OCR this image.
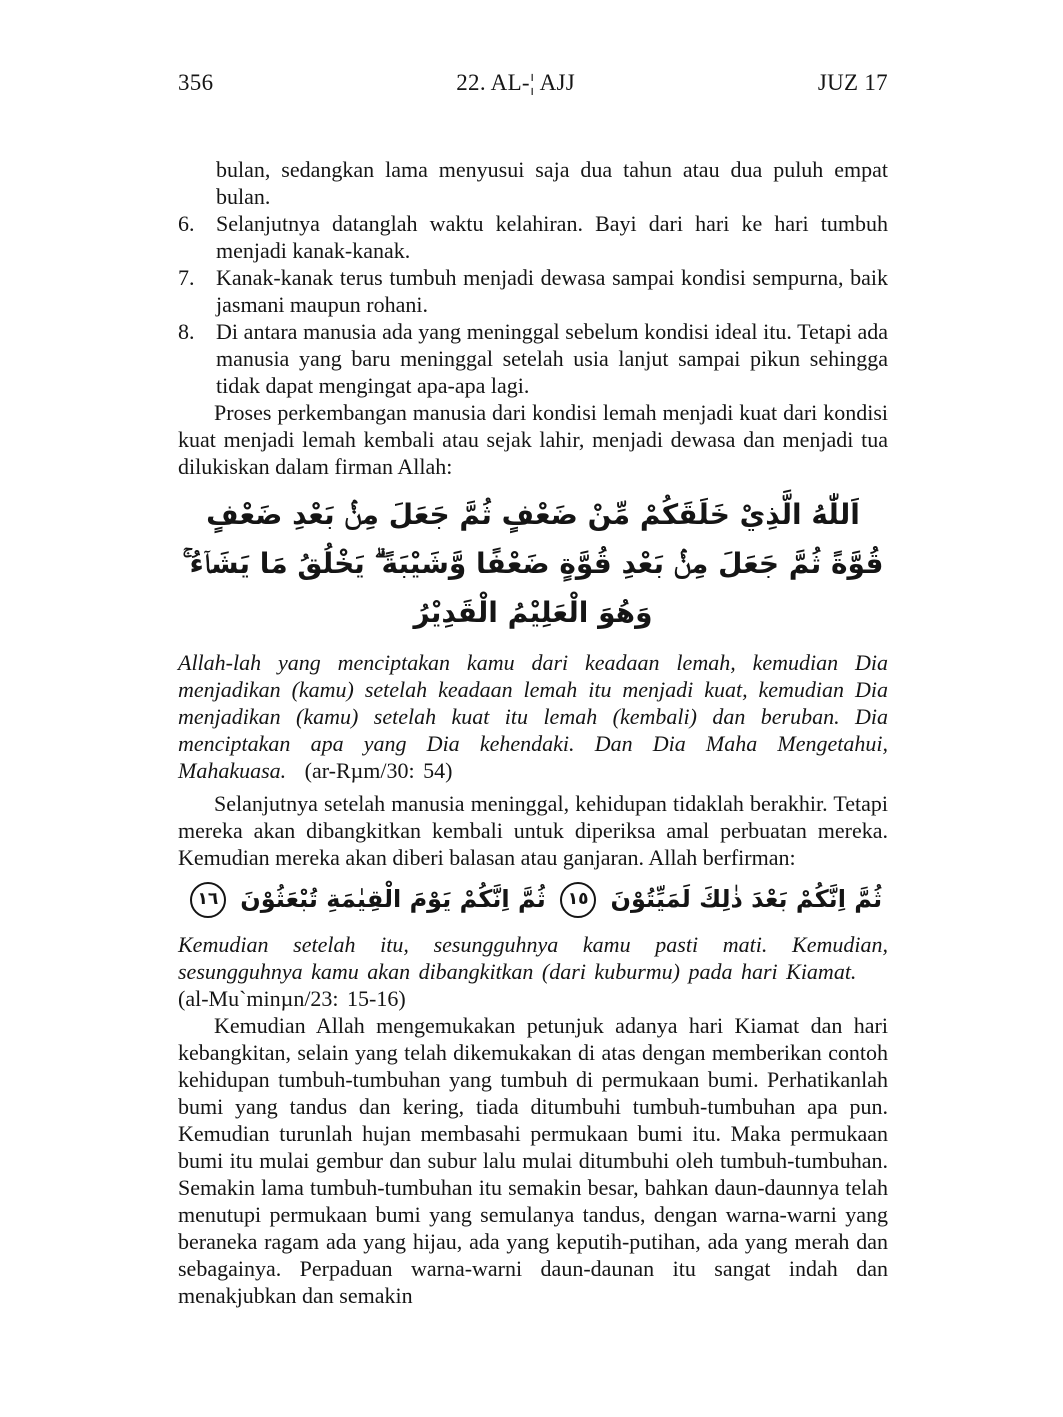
356	22. AL-¦ AJJ	JUZ 17
bulan, sedangkan lama menyusui saja dua tahun atau dua puluh empat bulan.
6. Selanjutnya datanglah waktu kelahiran. Bayi dari hari ke hari tumbuh menjadi kanak-kanak.
7. Kanak-kanak terus tumbuh menjadi dewasa sampai kondisi sempurna, baik jasmani maupun rohani.
8. Di antara manusia ada yang meninggal sebelum kondisi ideal itu. Tetapi ada manusia yang baru meninggal setelah usia lanjut sampai pikun sehingga tidak dapat mengingat apa-apa lagi.

Proses perkembangan manusia dari kondisi lemah menjadi kuat dari kondisi kuat menjadi lemah kembali atau sejak lahir, menjadi dewasa dan menjadi tua dilukiskan dalam firman Allah:

اَللّٰهُ الَّذِيْ خَلَقَكُمْ مِّنْ ضَعْفٍ ثُمَّ جَعَلَ مِنْۢ بَعْدِ ضَعْفٍ قُوَّةً ثُمَّ جَعَلَ مِنْۢ بَعْدِ قُوَّةٍ ضَعْفًا وَّشَيْبَةً ۗ يَخْلُقُ مَا يَشَاۤءُ ۚ وَهُوَ الْعَلِيْمُ الْقَدِيْرُ

Allah-lah yang menciptakan kamu dari keadaan lemah, kemudian Dia menjadikan (kamu) setelah keadaan lemah itu menjadi kuat, kemudian Dia menjadikan (kamu) setelah kuat itu lemah (kembali) dan beruban. Dia menciptakan apa yang Dia kehendaki. Dan Dia Maha Mengetahui, Mahakuasa. (ar-Rµm/30: 54)

Selanjutnya setelah manusia meninggal, kehidupan tidaklah berakhir. Tetapi mereka akan dibangkitkan kembali untuk diperiksa amal perbuatan mereka. Kemudian mereka akan diberi balasan atau ganjaran. Allah berfirman:

ثُمَّ اِنَّكُمْ بَعْدَ ذٰلِكَ لَمَيِّتُوْنَ ١٥ ثُمَّ اِنَّكُمْ يَوْمَ الْقِيٰمَةِ تُبْعَثُوْنَ ١٦

Kemudian setelah itu, sesungguhnya kamu pasti mati. Kemudian, sesungguhnya kamu akan dibangkitkan (dari kuburmu) pada hari Kiamat.
(al-Mu`minµn/23: 15-16)

Kemudian Allah mengemukakan petunjuk adanya hari Kiamat dan hari kebangkitan, selain yang telah dikemukakan di atas dengan memberikan contoh kehidupan tumbuh-tumbuhan yang tumbuh di permukaan bumi. Perhatikanlah bumi yang tandus dan kering, tiada ditumbuhi tumbuh-tumbuhan apa pun. Kemudian turunlah hujan membasahi permukaan bumi itu. Maka permukaan bumi itu mulai gembur dan subur lalu mulai ditumbuhi oleh tumbuh-tumbuhan. Semakin lama tumbuh-tumbuhan itu semakin besar, bahkan daun-daunnya telah menutupi permukaan bumi yang semulanya tandus, dengan warna-warni yang beraneka ragam ada yang hijau, ada yang keputih-putihan, ada yang merah dan sebagainya. Perpaduan warna-warni daun-daunan itu sangat indah dan menakjubkan dan semakin
